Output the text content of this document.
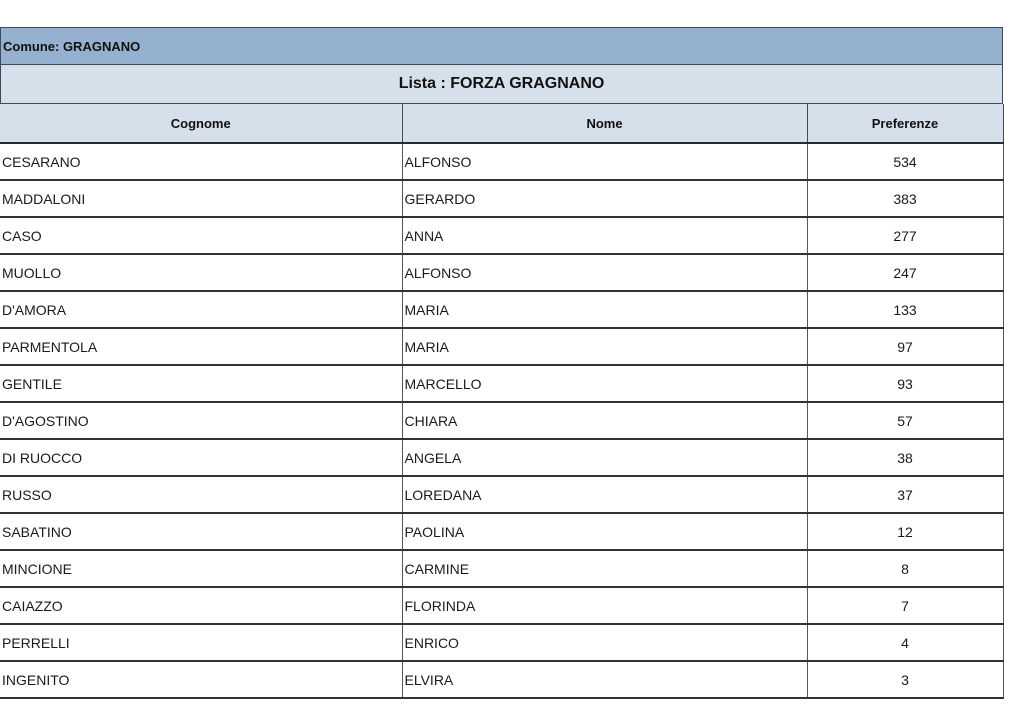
Comune: GRAGNANO
Lista : FORZA GRAGNANO
Cognome	Nome	Preferenze
CESARANO	ALFONSO	534
MADDALONI	GERARDO	383
CASO	ANNA	277
MUOLLO	ALFONSO	247
D'AMORA	MARIA	133
PARMENTOLA	MARIA	97
GENTILE	MARCELLO	93
D'AGOSTINO	CHIARA	57
DI RUOCCO	ANGELA	38
RUSSO	LOREDANA	37
SABATINO	PAOLINA	12
MINCIONE	CARMINE	8
CAIAZZO	FLORINDA	7
PERRELLI	ENRICO	4
INGENITO	ELVIRA	3
